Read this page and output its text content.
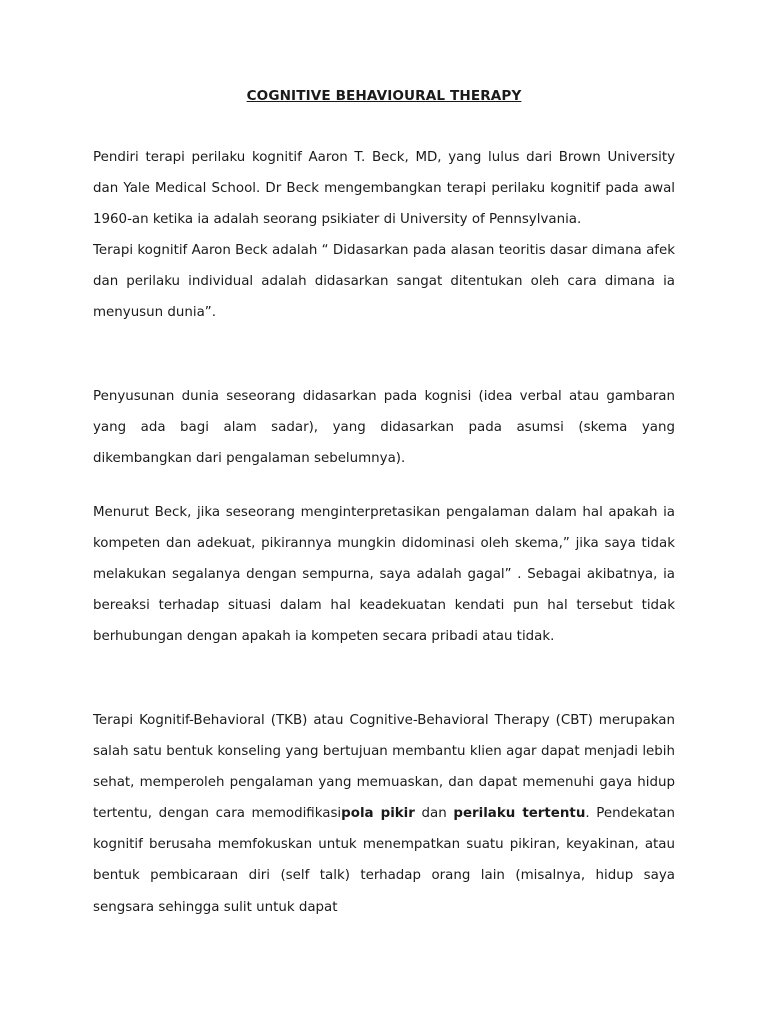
COGNITIVE BEHAVIOURAL THERAPY

Pendiri terapi perilaku kognitif Aaron T. Beck, MD, yang lulus dari Brown University dan Yale Medical School. Dr Beck mengembangkan terapi perilaku kognitif pada awal 1960-an ketika ia adalah seorang psikiater di University of Pennsylvania.

Terapi kognitif Aaron Beck adalah “ Didasarkan pada alasan teoritis dasar dimana afek dan perilaku individual adalah didasarkan sangat ditentukan oleh cara dimana ia menyusun dunia”.

Penyusunan dunia seseorang didasarkan pada kognisi (idea verbal atau gambaran yang ada bagi alam sadar), yang didasarkan pada asumsi (skema yang dikembangkan dari pengalaman sebelumnya).

Menurut Beck, jika seseorang menginterpretasikan pengalaman dalam hal apakah ia kompeten dan adekuat, pikirannya mungkin didominasi oleh skema,” jika saya tidak melakukan segalanya dengan sempurna, saya adalah gagal” . Sebagai akibatnya, ia bereaksi terhadap situasi dalam hal keadekuatan kendati pun hal tersebut tidak berhubungan dengan apakah ia kompeten secara pribadi atau tidak.

Terapi Kognitif-Behavioral (TKB) atau Cognitive-Behavioral Therapy (CBT) merupakan salah satu bentuk konseling yang bertujuan membantu klien agar dapat menjadi lebih sehat, memperoleh pengalaman yang memuaskan, dan dapat memenuhi gaya hidup tertentu, dengan cara memodifikasipola pikir dan perilaku tertentu. Pendekatan kognitif berusaha memfokuskan untuk menempatkan suatu pikiran, keyakinan, atau bentuk pembicaraan diri (self talk) terhadap orang lain (misalnya, hidup saya sengsara sehingga sulit untuk dapat
